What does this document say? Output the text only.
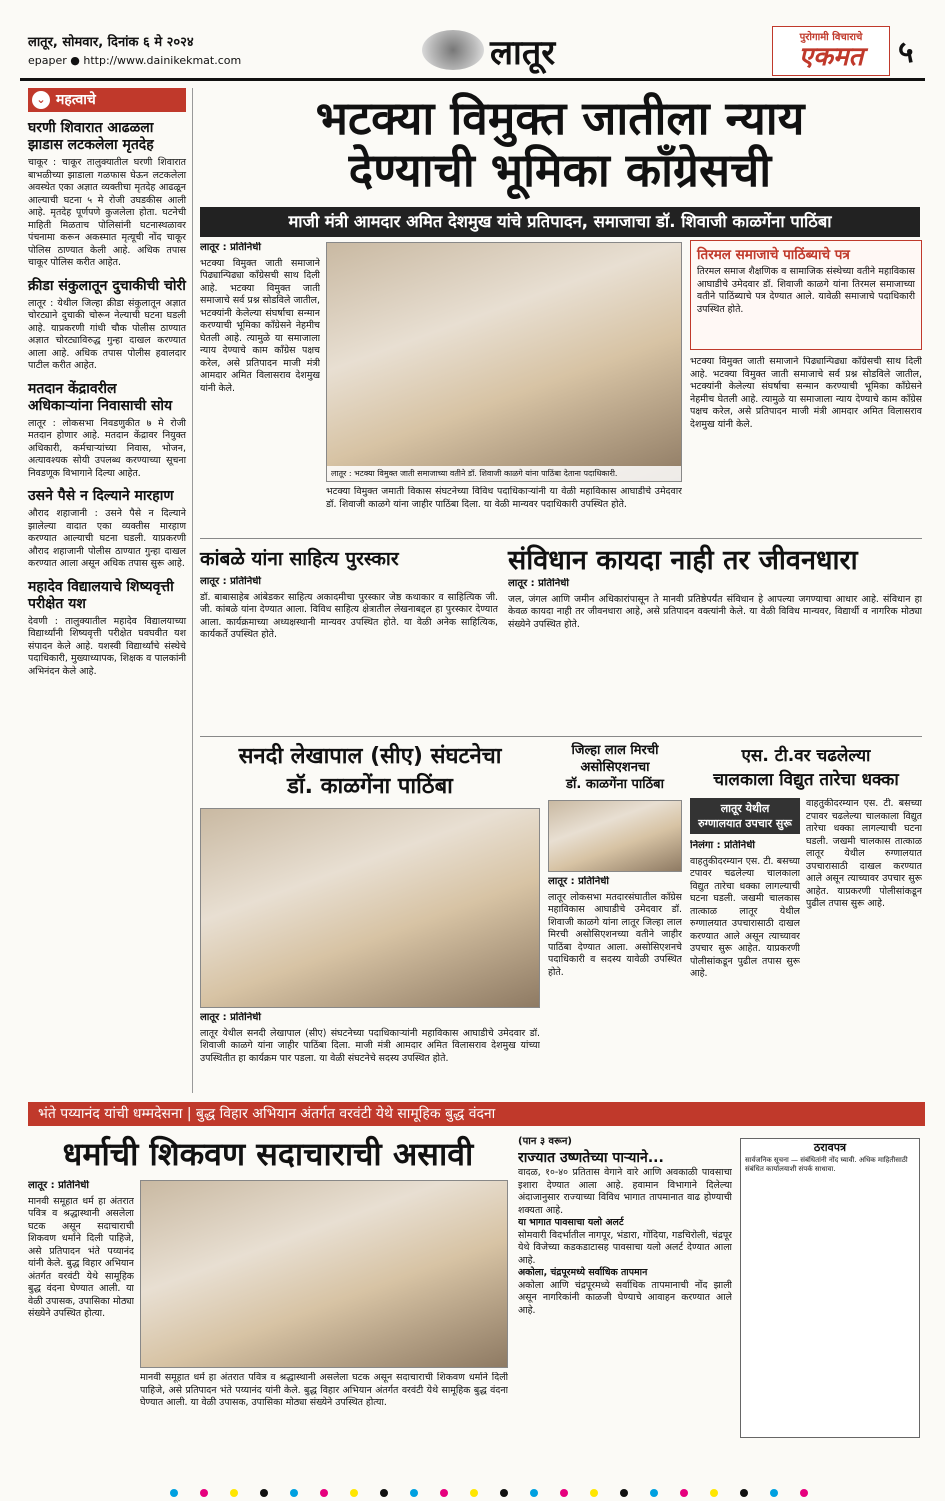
लातूर, सोमवार, दिनांक ६ मे २०२४
epaper ● http://www.dainikekmat.com	लातूर	पुरोगामी विचाराचे
एकमत	५
⌄ महत्वाचे
घरणी शिवारात आढळला झाडास लटकलेला मृतदेह

चाकूर : चाकूर तालुक्यातील घरणी शिवारात बाभळीच्या झाडाला गळफास घेऊन लटकलेला अवस्थेत एका अज्ञात व्यक्तीचा मृतदेह आढळून आल्याची घटना ५ मे रोजी उघडकीस आली आहे. मृतदेह पूर्णपणे कुजलेला होता. घटनेची माहिती मिळताच पोलिसांनी घटनास्थळावर पंचनामा करून अकस्मात मृत्यूची नोंद चाकूर पोलिस ठाण्यात केली आहे. अधिक तपास चाकूर पोलिस करीत आहेत.

क्रीडा संकुलातून दुचाकीची चोरी

लातूर : येथील जिल्हा क्रीडा संकुलातून अज्ञात चोरट्याने दुचाकी चोरून नेल्याची घटना घडली आहे. याप्रकरणी गांधी चौक पोलीस ठाण्यात अज्ञात चोरट्याविरुद्ध गुन्हा दाखल करण्यात आला आहे. अधिक तपास पोलीस हवालदार पाटील करीत आहेत.

मतदान केंद्रावरील अधिकाऱ्यांना निवासाची सोय

लातूर : लोकसभा निवडणुकीत ७ मे रोजी मतदान होणार आहे. मतदान केंद्रावर नियुक्त अधिकारी, कर्मचाऱ्यांच्या निवास, भोजन, अत्यावश्यक सोयी उपलब्ध करण्याच्या सूचना निवडणूक विभागाने दिल्या आहेत.

उसने पैसे न दिल्याने मारहाण

औराद शहाजानी : उसने पैसे न दिल्याने झालेल्या वादात एका व्यक्तीस मारहाण करण्यात आल्याची घटना घडली. याप्रकरणी औराद शहाजानी पोलीस ठाण्यात गुन्हा दाखल करण्यात आला असून अधिक तपास सुरू आहे.

महादेव विद्यालयाचे शिष्यवृत्ती परीक्षेत यश

देवणी : तालुक्यातील महादेव विद्यालयाच्या विद्यार्थ्यांनी शिष्यवृत्ती परीक्षेत घवघवीत यश संपादन केले आहे. यशस्वी विद्यार्थ्यांचे संस्थेचे पदाधिकारी, मुख्याध्यापक, शिक्षक व पालकांनी अभिनंदन केले आहे.

भटक्या विमुक्त जातीला न्याय
देण्याची भूमिका काँग्रेसची
माजी मंत्री आमदार अमित देशमुख यांचे प्रतिपादन, समाजाचा डॉ. शिवाजी काळगेंना पाठिंबा
लातूर : प्रतिनिधी
भटक्या विमुक्त जाती समाजाने पिढ्यान्पिढ्या काँग्रेसची साथ दिली आहे. भटक्या विमुक्त जाती समाजाचे सर्व प्रश्न सोडविले जातील, भटक्यांनी केलेल्या संघर्षाचा सन्मान करण्याची भूमिका काँग्रेसने नेहमीच घेतली आहे. त्यामुळे या समाजाला न्याय देण्याचे काम काँग्रेस पक्षच करेल, असे प्रतिपादन माजी मंत्री आमदार अमित विलासराव देशमुख यांनी केले.
लातूर : भटक्या विमुक्त जाती समाजाच्या वतीने डॉ. शिवाजी काळगे यांना पाठिंबा देताना पदाधिकारी.
भटक्या विमुक्त जमाती विकास संघटनेच्या विविध पदाधिकाऱ्यांनी या वेळी महाविकास आघाडीचे उमेदवार डॉ. शिवाजी काळगे यांना जाहीर पाठिंबा दिला. या वेळी मान्यवर पदाधिकारी उपस्थित होते.
तिरमल समाजाचे पाठिंब्याचे पत्र
तिरमल समाज शैक्षणिक व सामाजिक संस्थेच्या वतीने महाविकास आघाडीचे उमेदवार डॉ. शिवाजी काळगे यांना तिरमल समाजाच्या वतीने पाठिंब्याचे पत्र देण्यात आले. यावेळी समाजाचे पदाधिकारी उपस्थित होते.
भटक्या विमुक्त जाती समाजाने पिढ्यान्पिढ्या काँग्रेसची साथ दिली आहे. भटक्या विमुक्त जाती समाजाचे सर्व प्रश्न सोडविले जातील, भटक्यांनी केलेल्या संघर्षाचा सन्मान करण्याची भूमिका काँग्रेसने नेहमीच घेतली आहे. त्यामुळे या समाजाला न्याय देण्याचे काम काँग्रेस पक्षच करेल, असे प्रतिपादन माजी मंत्री आमदार अमित विलासराव देशमुख यांनी केले.
कांबळे यांना साहित्य पुरस्कार
लातूर : प्रतिनिधी
डॉ. बाबासाहेब आंबेडकर साहित्य अकादमीचा पुरस्कार जेष्ठ कथाकार व साहित्यिक जी. जी. कांबळे यांना देण्यात आला. विविध साहित्य क्षेत्रातील लेखनाबद्दल हा पुरस्कार देण्यात आला. कार्यक्रमाच्या अध्यक्षस्थानी मान्यवर उपस्थित होते. या वेळी अनेक साहित्यिक, कार्यकर्ते उपस्थित होते.
संविधान कायदा नाही तर जीवनधारा
लातूर : प्रतिनिधी
जल, जंगल आणि जमीन अधिकारांपासून ते मानवी प्रतिष्ठेपर्यंत संविधान हे आपल्या जगण्याचा आधार आहे. संविधान हा केवळ कायदा नाही तर जीवनधारा आहे, असे प्रतिपादन वक्त्यांनी केले. या वेळी विविध मान्यवर, विद्यार्थी व नागरिक मोठ्या संख्येने उपस्थित होते.
सनदी लेखापाल (सीए) संघटनेचा
डॉ. काळगेंना पाठिंबा
लातूर : प्रतिनिधी
लातूर येथील सनदी लेखापाल (सीए) संघटनेच्या पदाधिकाऱ्यांनी महाविकास आघाडीचे उमेदवार डॉ. शिवाजी काळगे यांना जाहीर पाठिंबा दिला. माजी मंत्री आमदार अमित विलासराव देशमुख यांच्या उपस्थितीत हा कार्यक्रम पार पडला. या वेळी संघटनेचे सदस्य उपस्थित होते.
जिल्हा लाल मिरची
असोसिएशनचा
डॉ. काळगेंना पाठिंबा
लातूर : प्रतिनिधी
लातूर लोकसभा मतदारसंघातील काँग्रेस महाविकास आघाडीचे उमेदवार डॉ. शिवाजी काळगे यांना लातूर जिल्हा लाल मिरची असोसिएशनच्या वतीने जाहीर पाठिंबा देण्यात आला. असोसिएशनचे पदाधिकारी व सदस्य यावेळी उपस्थित होते.
एस. टी.वर चढलेल्या
चालकाला विद्युत तारेचा धक्का
लातूर येथील
रुग्णालयात उपचार सुरू
निलंगा : प्रतिनिधी
वाहतुकीदरम्यान एस. टी. बसच्या टपावर चढलेल्या चालकाला विद्युत तारेचा धक्का लागल्याची घटना घडली. जखमी चालकास तात्काळ लातूर येथील रुग्णालयात उपचारासाठी दाखल करण्यात आले असून त्याच्यावर उपचार सुरू आहेत. याप्रकरणी पोलीसांकडून पुढील तपास सुरू आहे.
वाहतुकीदरम्यान एस. टी. बसच्या टपावर चढलेल्या चालकाला विद्युत तारेचा धक्का लागल्याची घटना घडली. जखमी चालकास तात्काळ लातूर येथील रुग्णालयात उपचारासाठी दाखल करण्यात आले असून त्याच्यावर उपचार सुरू आहेत. याप्रकरणी पोलीसांकडून पुढील तपास सुरू आहे.
भंते पय्यानंद यांची धम्मदेसना | बुद्ध विहार अभियान अंतर्गत वरवंटी येथे सामूहिक बुद्ध वंदना
धर्माची शिकवण सदाचाराची असावी
लातूर : प्रतिनिधी
मानवी समूहात धर्म हा अंतरात पवित्र व श्रद्धास्थानी असलेला घटक असून सदाचाराची शिकवण धर्माने दिली पाहिजे, असे प्रतिपादन भंते पय्यानंद यांनी केले. बुद्ध विहार अभियान अंतर्गत वरवंटी येथे सामूहिक बुद्ध वंदना घेण्यात आली. या वेळी उपासक, उपासिका मोठ्या संख्येने उपस्थित होत्या.
मानवी समूहात धर्म हा अंतरात पवित्र व श्रद्धास्थानी असलेला घटक असून सदाचाराची शिकवण धर्माने दिली पाहिजे, असे प्रतिपादन भंते पय्यानंद यांनी केले. बुद्ध विहार अभियान अंतर्गत वरवंटी येथे सामूहिक बुद्ध वंदना घेण्यात आली. या वेळी उपासक, उपासिका मोठ्या संख्येने उपस्थित होत्या.
(पान ३ वरून)
राज्यात उष्णतेच्या पाऱ्याने...
वादळ, १०-४० प्रतितास वेगाने वारे आणि अवकाळी पावसाचा इशारा देण्यात आला आहे. हवामान विभागाने दिलेल्या अंदाजानुसार राज्याच्या विविध भागात तापमानात वाढ होण्याची शक्यता आहे.
या भागात पावसाचा यलो अलर्ट
सोमवारी विदर्भातील नागपूर, भंडारा, गोंदिया, गडचिरोली, चंद्रपूर येथे विजेच्या कडकडाटासह पावसाचा यलो अलर्ट देण्यात आला आहे.
अकोला, चंद्रपूरमध्ये सर्वाधिक तापमान
अकोला आणि चंद्रपूरमध्ये सर्वाधिक तापमानाची नोंद झाली असून नागरिकांनी काळजी घेण्याचे आवाहन करण्यात आले आहे.
ठरावपत्र
सार्वजनिक सूचना — संबंधितांनी नोंद घ्यावी. अधिक माहितीसाठी संबंधित कार्यालयाशी संपर्क साधावा.
